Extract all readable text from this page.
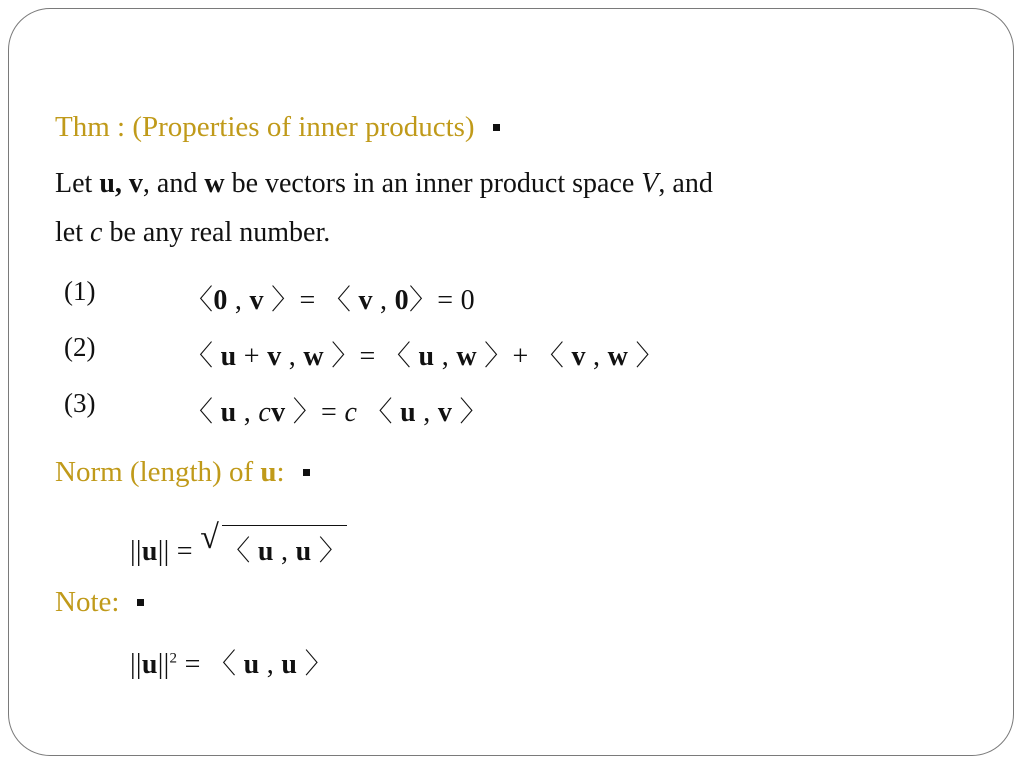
Thm : (Properties of inner products)
Let u, v, and w be vectors in an inner product space V, and
let c be any real number.
(1)	〈0 , v 〉= 〈 v , 0〉= 0
(2)	〈 u + v , w 〉= 〈 u , w 〉+ 〈 v , w 〉
(3)	〈 u , cv 〉= c 〈 u , v 〉
Norm (length) of u:
||u|| = √ 〈 u , u 〉
Note:
$||u||^2$ = 〈 u , u 〉
